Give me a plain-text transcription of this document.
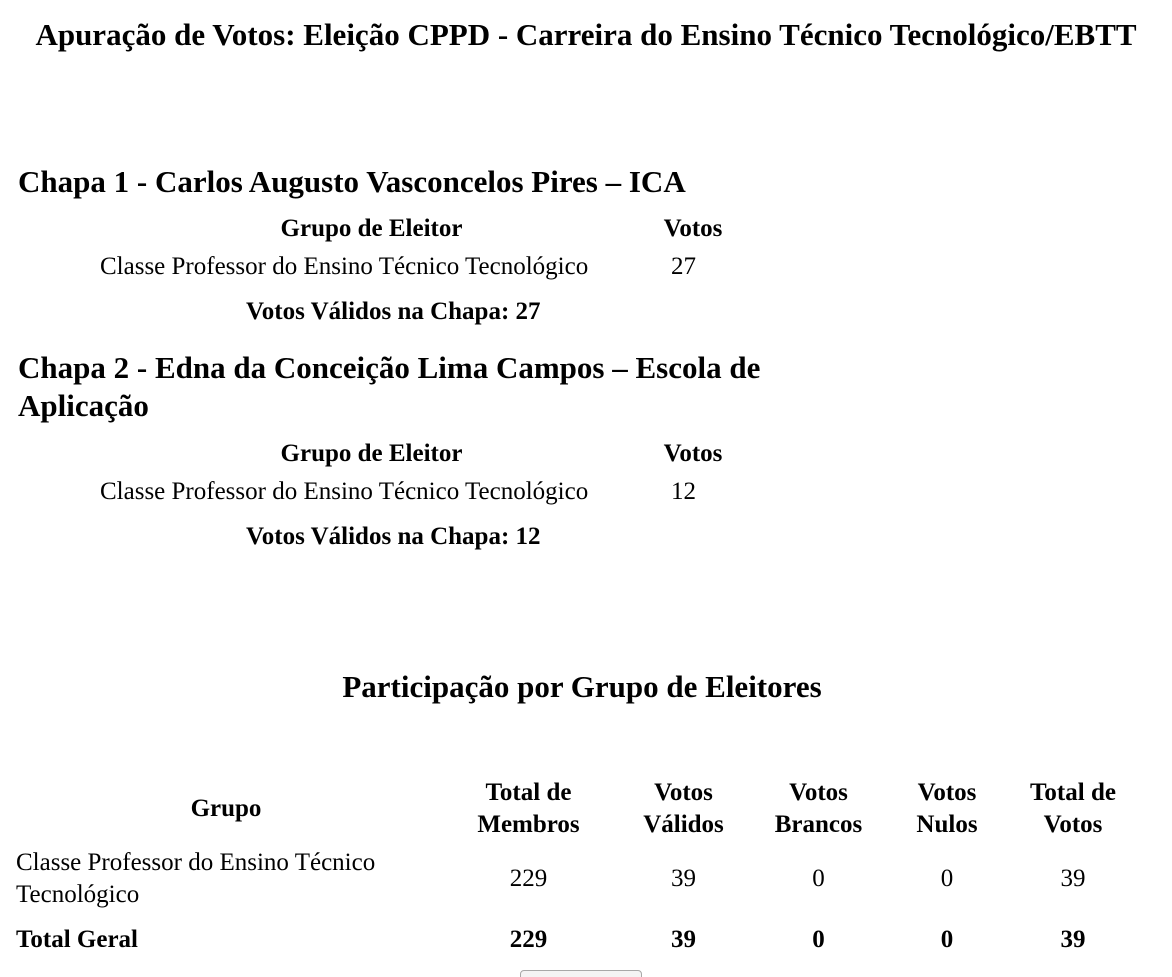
Apuração de Votos: Eleição CPPD - Carreira do Ensino Técnico Tecnológico/EBTT
Chapa 1 - Carlos Augusto Vasconcelos Pires – ICA
Grupo de Eleitor	Votos
Classe Professor do Ensino Técnico Tecnológico	27
Votos Válidos na Chapa: 27
Chapa 2 - Edna da Conceição Lima Campos – Escola de Aplicação
Grupo de Eleitor	Votos
Classe Professor do Ensino Técnico Tecnológico	12
Votos Válidos na Chapa: 12
Participação por Grupo de Eleitores
Grupo	Total de Membros	Votos Válidos	Votos Brancos	Votos Nulos	Total de Votos
Classe Professor do Ensino Técnico Tecnológico	229	39	0	0	39
Total Geral	229	39	0	0	39
